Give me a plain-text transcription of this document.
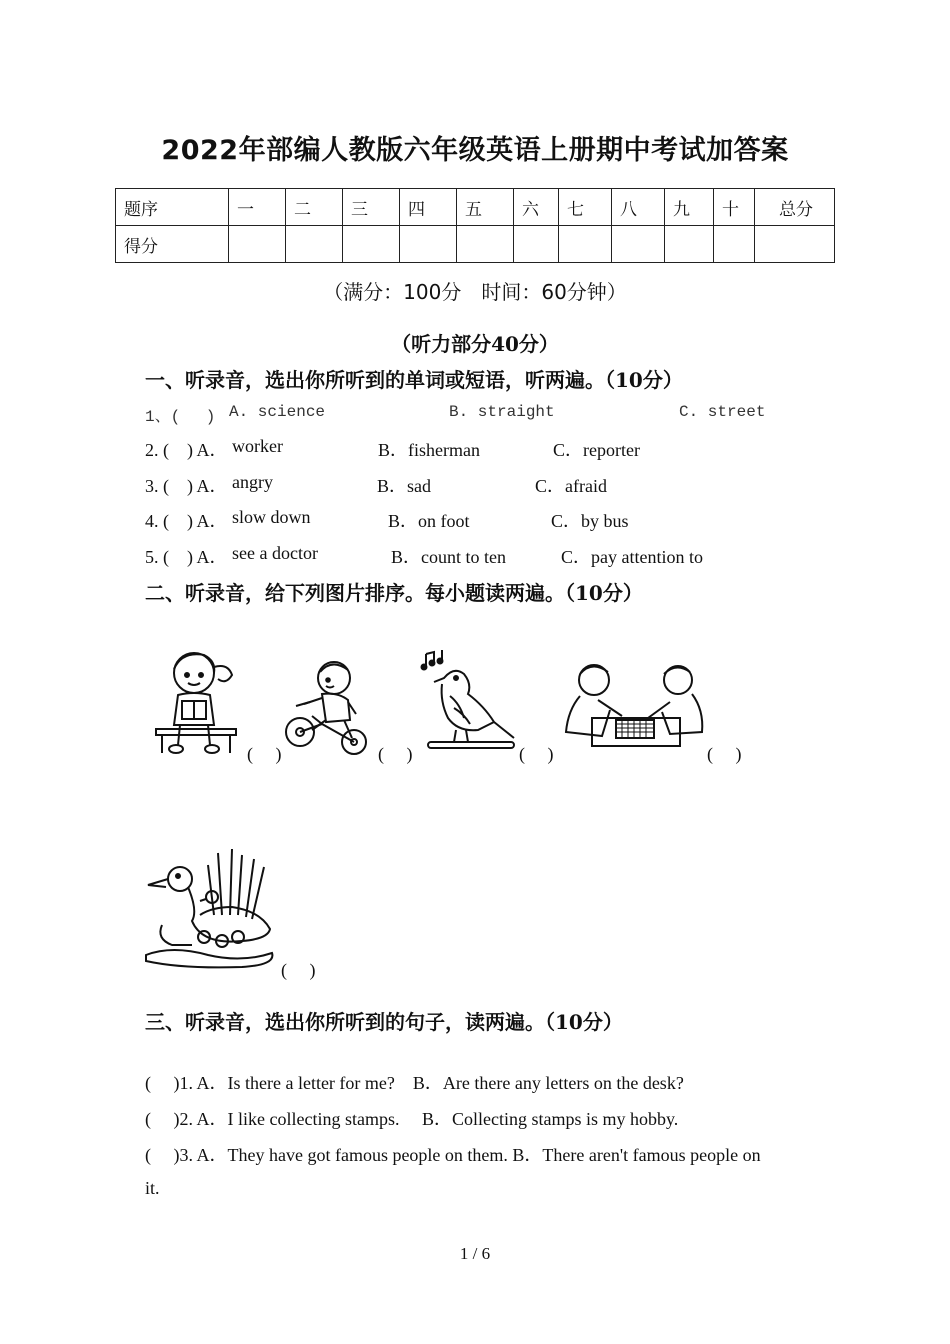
2022年部编人教版六年级英语上册期中考试加答案
题序	一	二	三	四	五	六	七	八	九	十	总分
得分											
（满分：100分　时间：60分钟）
（听力部分40分）
一、听录音，选出你所听到的单词或短语，听两遍。（10分）
1、(　 ) A. science	B. straight	C. street
2. (　) A． worker	B．fisherman	C．reporter
3. (　) A． angry	B．sad	C．afraid
4. (　) A． slow down	B．on foot	C．by bus
5. (　) A． see a doctor	B．count to ten	C．pay attention to
二、听录音，给下列图片排序。每小题读两遍。（10分）
(　 )	(　 )	(　 )	(　 )
(　 )
三、听录音，选出你所听到的句子，读两遍。（10分）
(　 )1. A．Is there a letter for me?　B．Are there any letters on the desk?
(　 )2. A．I like collecting stamps.　 B．Collecting stamps is my hobby.
(　 )3. A．They have got famous people on them. B．There aren't famous people on
it.
1 / 6
